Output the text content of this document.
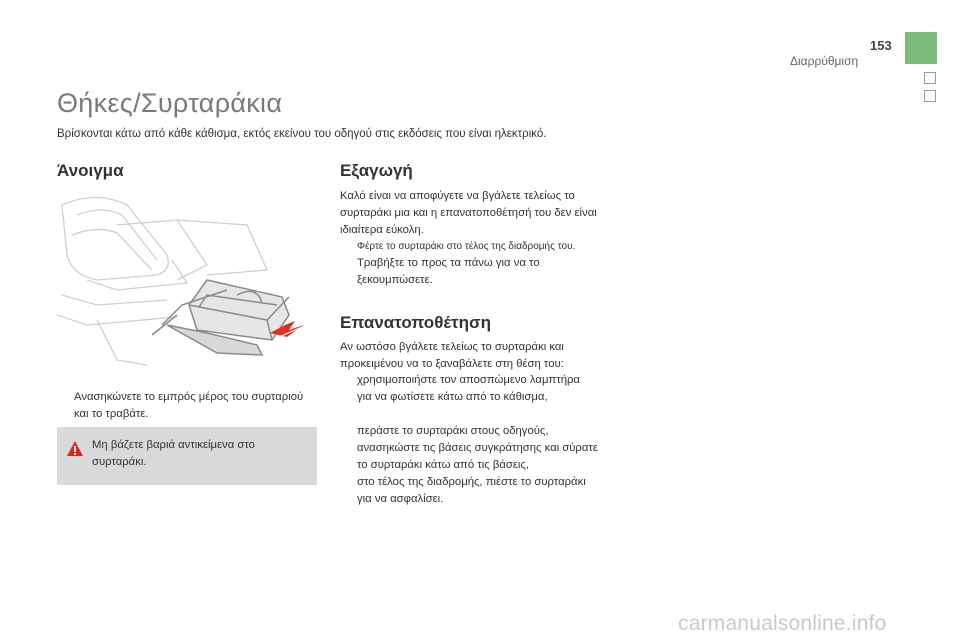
153
Διαρρύθμιση
Θήκες/Συρταράκια
Βρίσκονται κάτω από κάθε κάθισμα, εκτός εκείνου του οδηγού στις εκδόσεις που είναι ηλεκτρικό.
Άνοιγμα
Ανασηκώνετε το εμπρός μέρος του συρταριού και το τραβάτε.
Μη βάζετε βαριά αντικείμενα στο συρταράκι.
Εξαγωγή
Καλό είναι να αποφύγετε να βγάλετε τελείως το συρταράκι μια και η επανατοποθέτησή του δεν είναι ιδιαίτερα εύκολη.
Φέρτε το συρταράκι στο τέλος της διαδρομής του.
Τραβήξτε το προς τα πάνω για να το ξεκουμπώσετε.
Επανατοποθέτηση
Αν ωστόσο βγάλετε τελείως το συρταράκι και προκειμένου να το ξαναβάλετε στη θέση του:
χρησιμοποιήστε τον αποσπώμενο λαμπτήρα για να φωτίσετε κάτω από το κάθισμα,
περάστε το συρταράκι στους οδηγούς,
ανασηκώστε τις βάσεις συγκράτησης και σύρατε το συρταράκι κάτω από τις βάσεις,
στο τέλος της διαδρομής, πιέστε το συρταράκι για να ασφαλίσει.
carmanualsonline.info
